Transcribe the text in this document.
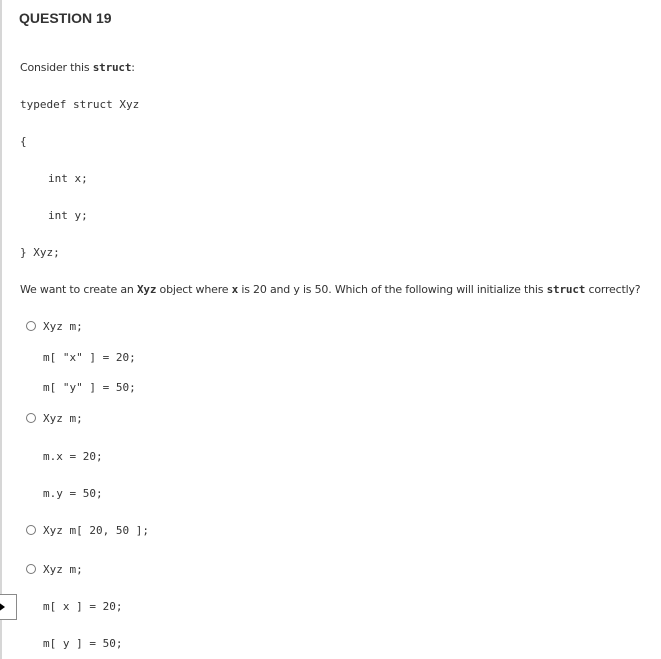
QUESTION 19
Consider this struct:
typedef struct Xyz
{
int x;
int y;
} Xyz;
We want to create an Xyz object where x is 20 and y is 50. Which of the following will initialize this struct correctly?
Xyz m;
m[ "x" ] = 20;
m[ "y" ] = 50;
Xyz m;
m.x = 20;
m.y = 50;
Xyz m[ 20, 50 ];
Xyz m;
m[ x ] = 20;
m[ y ] = 50;
